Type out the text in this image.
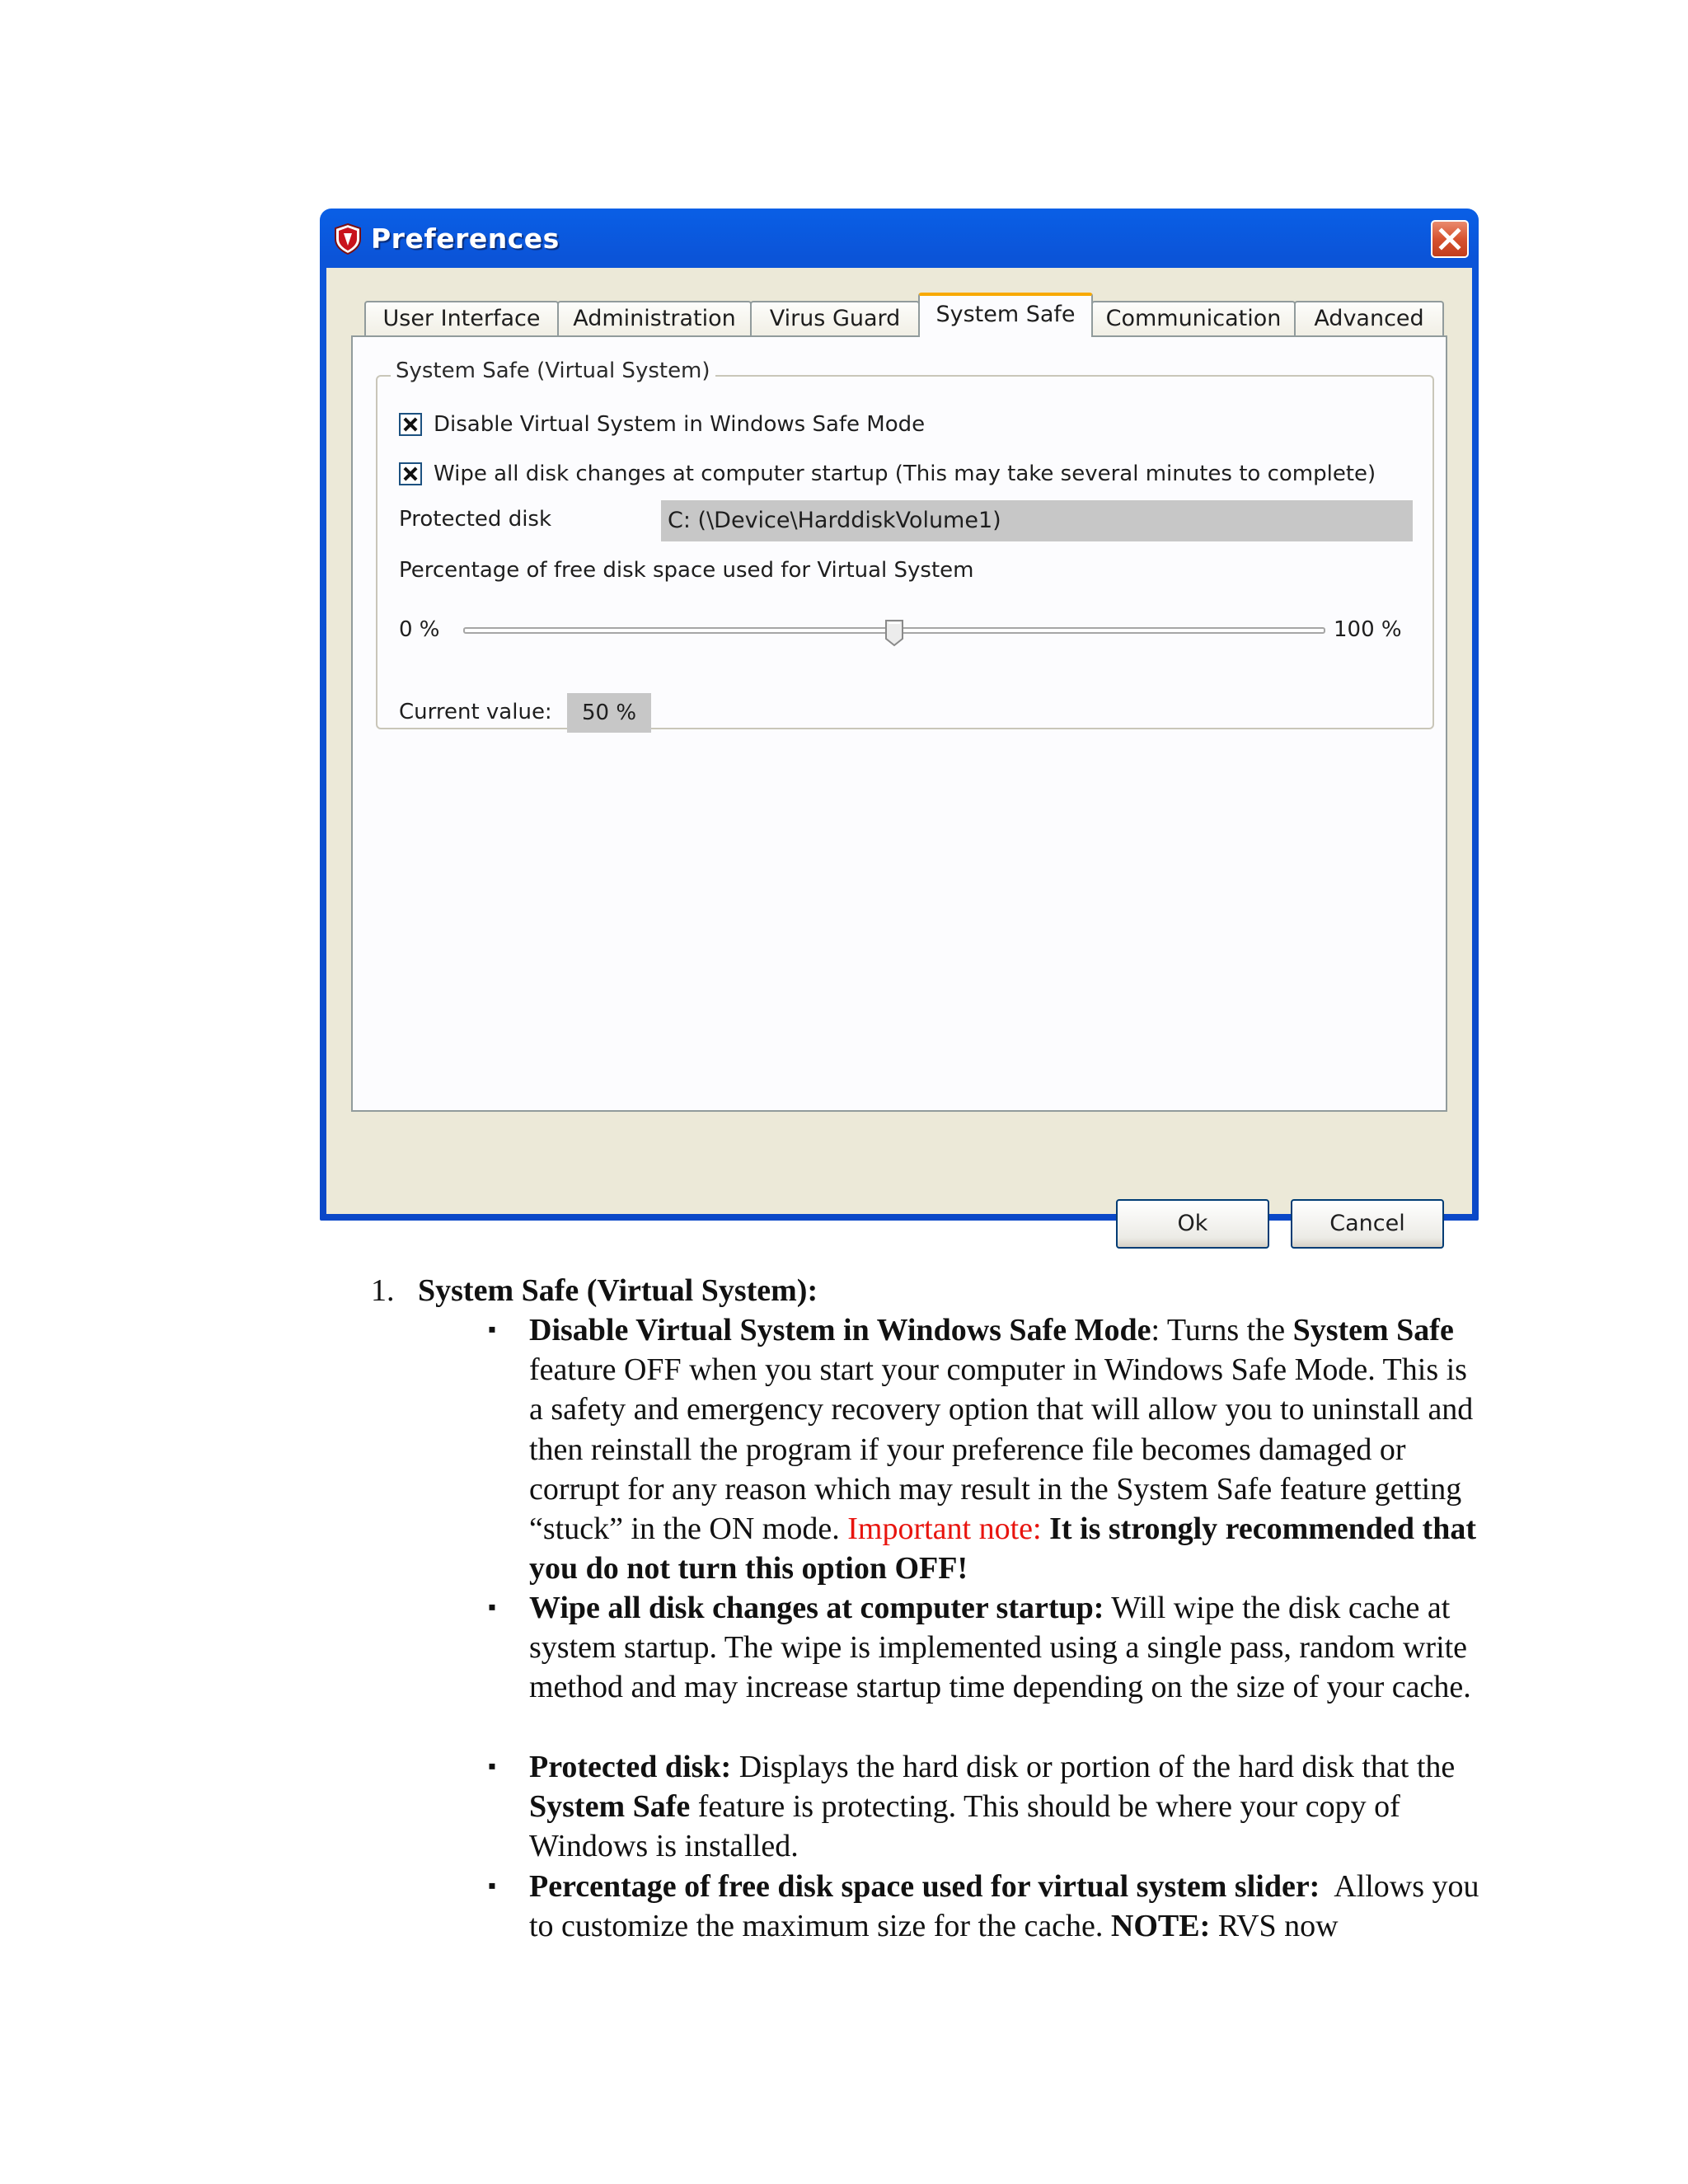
Preferences
User Interface	Administration	Virus Guard	System Safe	Communication	Advanced
System Safe (Virtual System)
Disable Virtual System in Windows Safe Mode
Wipe all disk changes at computer startup (This may take several minutes to complete)
Protected disk	C: (\Device\HarddiskVolume1)
Percentage of free disk space used for Virtual System
0 %	100 %
Current value:	50 %
Ok	Cancel
1. System Safe (Virtual System):
▪	Disable Virtual System in Windows Safe Mode: Turns the System Safe feature OFF when you start your computer in Windows Safe Mode. This is a safety and emergency recovery option that will allow you to uninstall and then reinstall the program if your preference file becomes damaged or corrupt for any reason which may result in the System Safe feature getting “stuck” in the ON mode. Important note: It is strongly recommended that you do not turn this option OFF!
▪	Wipe all disk changes at computer startup: Will wipe the disk cache at system startup. The wipe is implemented using a single pass, random write method and may increase startup time depending on the size of your cache.
▪	Protected disk: Displays the hard disk or portion of the hard disk that the System Safe feature is protecting. This should be where your copy of Windows is installed.
▪	Percentage of free disk space used for virtual system slider:  Allows you to customize the maximum size for the cache. NOTE: RVS now
